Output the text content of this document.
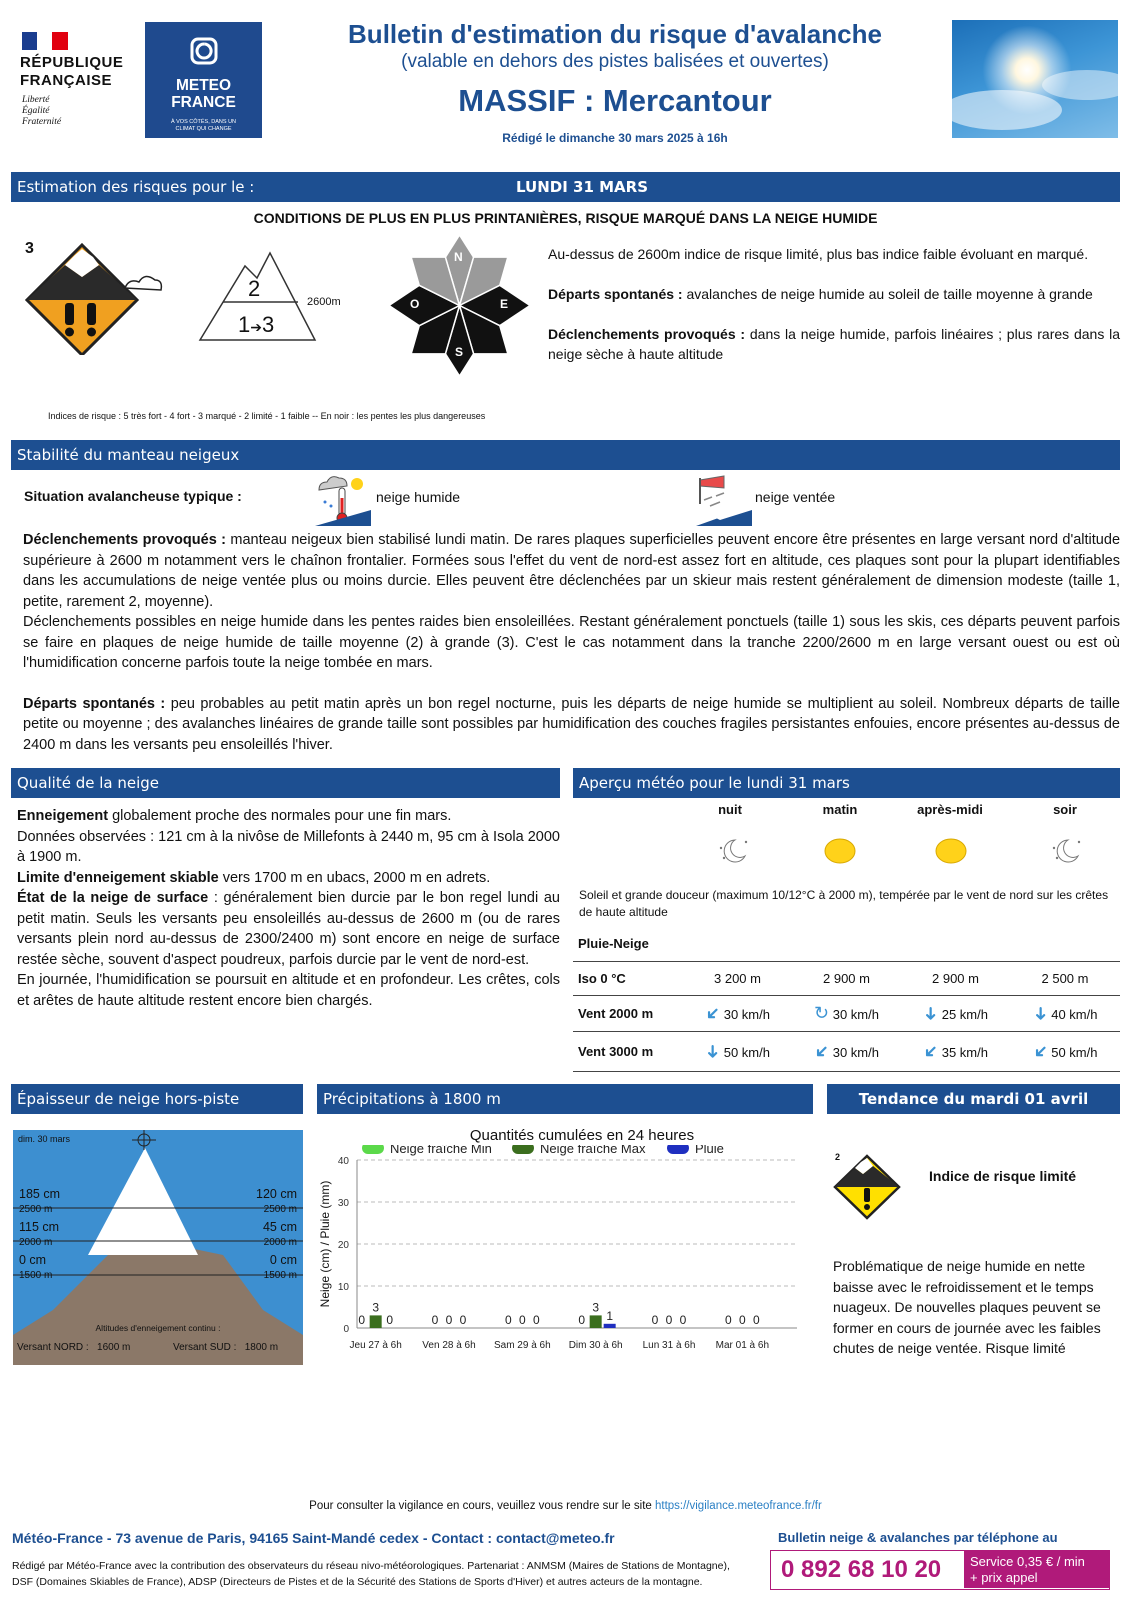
RÉPUBLIQUE
FRANÇAISE
Liberté
Égalité
Fraternité
METEO
FRANCE
À VOS CÔTÉS, DANS UN
CLIMAT QUI CHANGE
Bulletin d'estimation du risque d'avalanche
(valable en dehors des pistes balisées et ouvertes)
MASSIF : Mercantour
Rédigé le dimanche 30 mars 2025 à 16h
Estimation des risques pour le :	LUNDI 31 MARS
CONDITIONS DE PLUS EN PLUS PRINTANIÈRES, RISQUE MARQUÉ DANS LA NEIGE HUMIDE
3
2
1➔3
2600m
N
E
S
O
Au-dessus de 2600m indice de risque limité, plus bas indice faible évoluant en marqué.
Départs spontanés : avalanches de neige humide au soleil de taille moyenne à grande
Déclenchements provoqués : dans la neige humide, parfois linéaires ; plus rares dans la neige sèche à haute altitude
Indices de risque : 5 très fort - 4 fort - 3 marqué - 2 limité - 1 faible -- En noir : les pentes les plus dangereuses
Stabilité du manteau neigeux
Situation avalancheuse typique :	neige humide	neige ventée
Déclenchements provoqués : manteau neigeux bien stabilisé lundi matin. De rares plaques superficielles peuvent encore être présentes en large versant nord d'altitude supérieure à 2600 m notamment vers le chaînon frontalier. Formées sous l'effet du vent de nord-est assez fort en altitude, ces plaques sont pour la plupart identifiables dans les accumulations de neige ventée plus ou moins durcie. Elles peuvent être déclenchées par un skieur mais restent généralement de dimension modeste (taille 1, petite, rarement 2, moyenne).
Déclenchements possibles en neige humide dans les pentes raides bien ensoleillées. Restant généralement ponctuels (taille 1) sous les skis, ces départs peuvent parfois se faire en plaques de neige humide de taille moyenne (2) à grande (3). C'est le cas notamment dans la tranche 2200/2600 m en large versant ouest ou est où l'humidification concerne parfois toute la neige tombée en mars.
Départs spontanés : peu probables au petit matin après un bon regel nocturne, puis les départs de neige humide se multiplient au soleil. Nombreux départs de taille petite ou moyenne ; des avalanches linéaires de grande taille sont possibles par humidification des couches fragiles persistantes enfouies, encore présentes au-dessus de 2400 m dans les versants peu ensoleillés l'hiver.
Qualité de la neige
Enneigement globalement proche des normales pour une fin mars.
Données observées : 121 cm à la nivôse de Millefonts à 2440 m, 95 cm à Isola 2000 à 1900 m.
Limite d'enneigement skiable vers 1700 m en ubacs, 2000 m en adrets.
État de la neige de surface : généralement bien durcie par le bon regel lundi au petit matin. Seuls les versants peu ensoleillés au-dessus de 2600 m (ou de rares versants plein nord au-dessus de 2300/2400 m) sont encore en neige de surface restée sèche, souvent d'aspect poudreux, parfois durcie par le vent de nord-est.
En journée, l'humidification se poursuit en altitude et en profondeur. Les crêtes, cols et arêtes de haute altitude restent encore bien chargés.
Aperçu météo pour le lundi 31 mars
nuit	matin	après-midi	soir
Soleil et grande douceur (maximum 10/12°C à 2000 m), tempérée par le vent de nord sur les crêtes de haute altitude
Pluie-Neige				
Iso 0 °C	3 200 m	2 900 m	2 900 m	2 500 m
Vent 2000 m	➜ 30 km/h	↻ 30 km/h	➜ 25 km/h	➜ 40 km/h
Vent 3000 m	➜ 50 km/h	➜ 30 km/h	➜ 35 km/h	➜ 50 km/h
Épaisseur de neige hors-piste
dim. 30 mars
185 cm
2500 m
115 cm
2000 m
0 cm
1500 m
120 cm
2500 m
45 cm
2000 m
0 cm
1500 m
Altitudes d'enneigement continu :
Versant NORD :   1600 m	Versant SUD :   1800 m
Précipitations à 1800 m
Quantités cumulées en 24 heures
Neige fraîche Min	Neige fraîche Max	Pluie
0
10
20
30
40
Neige (cm) / Pluie (mm)
Jeu 27 à 6h
0
3
0
Ven 28 à 6h
0 0 0
Sam 29 à 6h
0 0 0
Dim 30 à 6h
0
3
1
Lun 31 à 6h
0 0 0
Mar 01 à 6h
0 0 0
Tendance du mardi 01 avril
2
Indice de risque limité
Problématique de neige humide en nette baisse avec le refroidissement et le temps nuageux. De nouvelles plaques peuvent se former en cours de journée avec les faibles chutes de neige ventée. Risque limité
Pour consulter la vigilance en cours, veuillez vous rendre sur le site https://vigilance.meteofrance.fr/fr
Météo-France - 73 avenue de Paris, 94165 Saint-Mandé cedex - Contact : contact@meteo.fr
Rédigé par Météo-France avec la contribution des observateurs du réseau nivo-météorologiques. Partenariat : ANMSM (Maires de Stations de Montagne),
DSF (Domaines Skiables de France), ADSP (Directeurs de Pistes et de la Sécurité des Stations de Sports d'Hiver) et autres acteurs de la montagne.
Bulletin neige & avalanches par téléphone au
0 892 68 10 20 Service 0,35 € / min
+ prix appel
